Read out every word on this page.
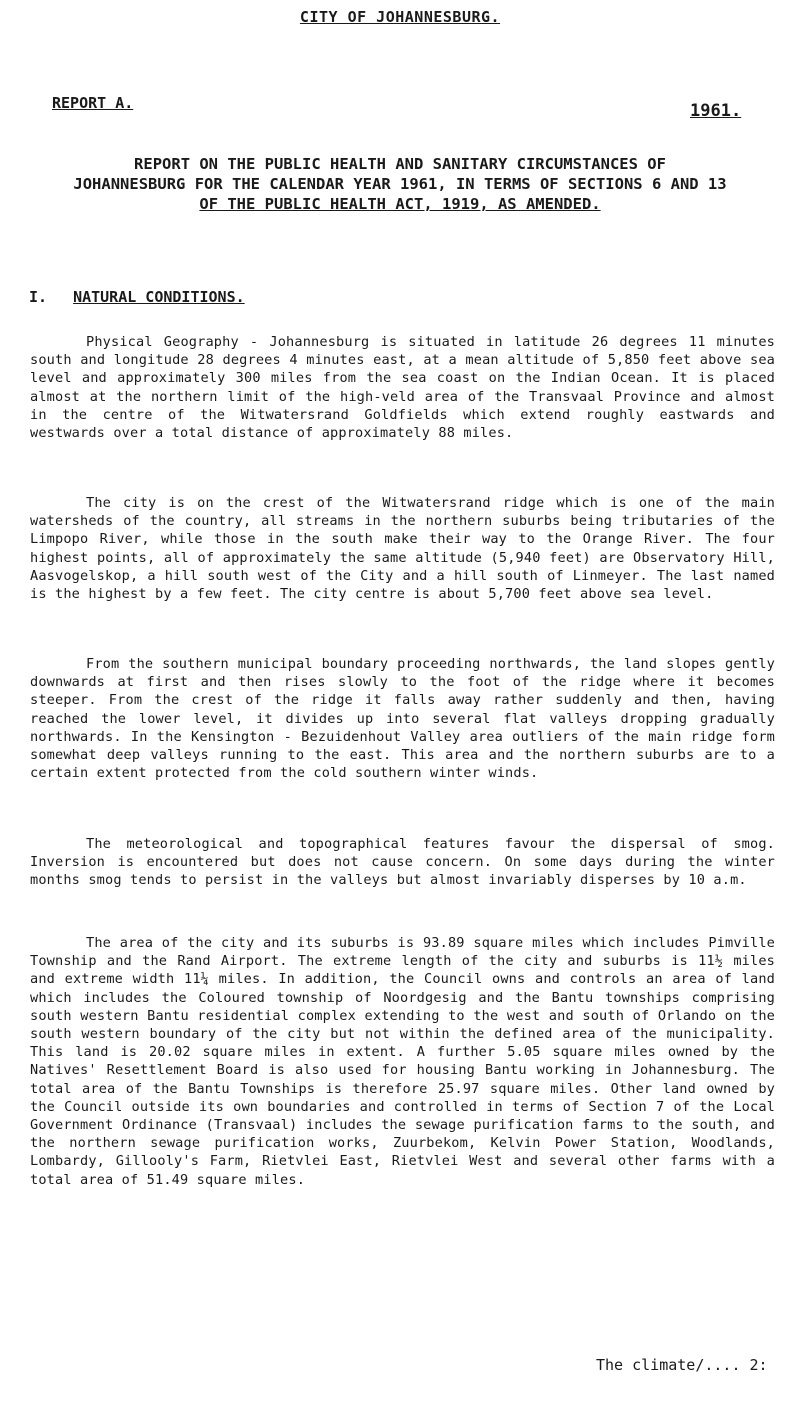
CITY OF JOHANNESBURG.
REPORT A.	1961.
REPORT ON THE PUBLIC HEALTH AND SANITARY CIRCUMSTANCES OF
JOHANNESBURG FOR THE CALENDAR YEAR 1961, IN TERMS OF SECTIONS 6 AND 13
OF THE PUBLIC HEALTH ACT, 1919, AS AMENDED.
I. NATURAL CONDITIONS.

Physical Geography - Johannesburg is situated in latitude 26 degrees 11 minutes south and longitude 28 degrees 4 minutes east, at a mean altitude of 5,850 feet above sea level and approximately 300 miles from the sea coast on the Indian Ocean. It is placed almost at the northern limit of the high-veld area of the Transvaal Province and almost in the centre of the Witwatersrand Goldfields which extend roughly eastwards and westwards over a total distance of approximately 88 miles.

The city is on the crest of the Witwatersrand ridge which is one of the main watersheds of the country, all streams in the northern suburbs being tributaries of the Limpopo River, while those in the south make their way to the Orange River. The four highest points, all of approximately the same altitude (5,940 feet) are Observatory Hill, Aasvogelskop, a hill south west of the City and a hill south of Linmeyer. The last named is the highest by a few feet. The city centre is about 5,700 feet above sea level.

From the southern municipal boundary proceeding northwards, the land slopes gently downwards at first and then rises slowly to the foot of the ridge where it becomes steeper. From the crest of the ridge it falls away rather suddenly and then, having reached the lower level, it divides up into several flat valleys dropping gradually northwards. In the Kensington - Bezuidenhout Valley area outliers of the main ridge form somewhat deep valleys running to the east. This area and the northern suburbs are to a certain extent protected from the cold southern winter winds.

The meteorological and topographical features favour the dispersal of smog. Inversion is encountered but does not cause concern. On some days during the winter months smog tends to persist in the valleys but almost invariably disperses by 10 a.m.

The area of the city and its suburbs is 93.89 square miles which includes Pimville Township and the Rand Airport. The extreme length of the city and suburbs is 11½ miles and extreme width 11¼ miles. In addition, the Council owns and controls an area of land which includes the Coloured township of Noordgesig and the Bantu townships comprising south western Bantu residential complex extending to the west and south of Orlando on the south western boundary of the city but not within the defined area of the municipality. This land is 20.02 square miles in extent. A further 5.05 square miles owned by the Natives' Resettlement Board is also used for housing Bantu working in Johannesburg. The total area of the Bantu Townships is therefore 25.97 square miles. Other land owned by the Council outside its own boundaries and controlled in terms of Section 7 of the Local Government Ordinance (Transvaal) includes the sewage purification farms to the south, and the northern sewage purification works, Zuurbekom, Kelvin Power Station, Woodlands, Lombardy, Gillooly's Farm, Rietvlei East, Rietvlei West and several other farms with a total area of 51.49 square miles.

The climate/.... 2:
